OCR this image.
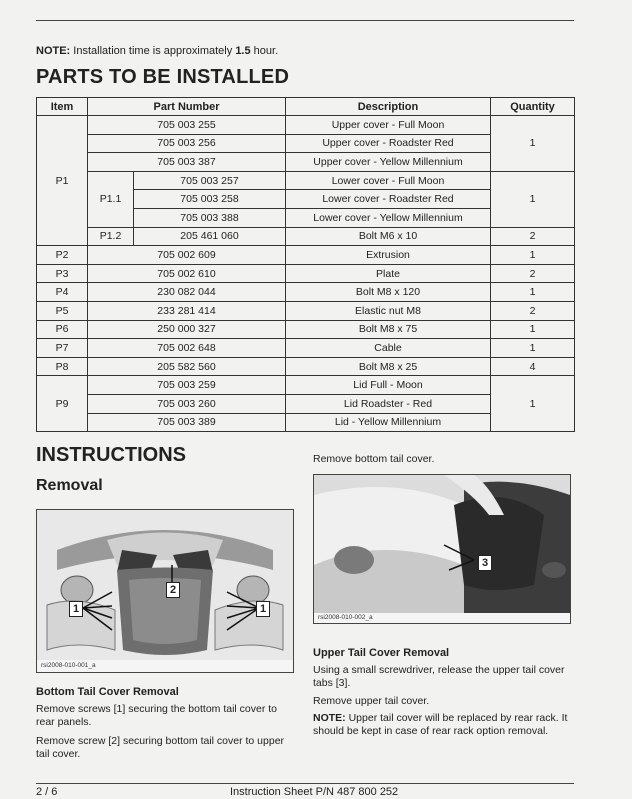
NOTE: Installation time is approximately 1.5 hour.
PARTS TO BE INSTALLED
Item	Part Number		Description	Quantity
P1	705 003 255		Upper cover - Full Moon	1
	705 003 256		Upper cover - Roadster Red	
	705 003 387		Upper cover - Yellow Millennium	
	P1.1	705 003 257	Lower cover - Full Moon	1
		705 003 258	Lower cover - Roadster Red	
		705 003 388	Lower cover - Yellow Millennium	
	P1.2	205 461 060	Bolt M6 x 10	2
P2	705 002 609		Extrusion	1
P3	705 002 610		Plate	2
P4	230 082 044		Bolt M8 x 120	1
P5	233 281 414		Elastic nut M8	2
P6	250 000 327		Bolt M8 x 75	1
P7	705 002 648		Cable	1
P8	205 582 560		Bolt M8 x 25	4
P9	705 003 259		Lid Full - Moon	1
	705 003 260		Lid Roadster - Red	
	705 003 389		Lid - Yellow Millennium	
INSTRUCTIONS
Removal
Remove bottom tail cover.
2
1	1
rsi2008-010-001_a
3
rsi2008-010-002_a
Bottom Tail Cover Removal
Remove screws [1] securing the bottom tail cover to rear panels.
Remove screw [2] securing bottom tail cover to upper tail cover.
Upper Tail Cover Removal
Using a small screwdriver, release the upper tail cover tabs [3].
Remove upper tail cover.
NOTE: Upper tail cover will be replaced by rear rack. It should be kept in case of rear rack option removal.
2 / 6	Instruction Sheet P/N 487 800 252
